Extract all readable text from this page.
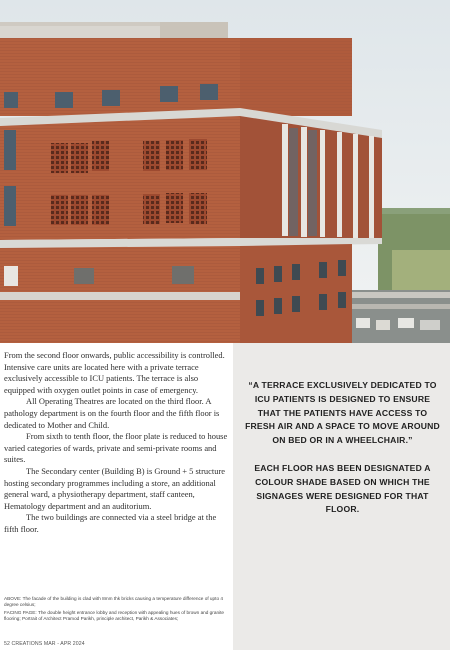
From the second floor onwards, public accessibility is controlled. Intensive care units are located here with a private terrace exclusively accessible to ICU patients. The terrace is also equipped with oxygen outlet points in case of emergency.

All Operating Theatres are located on the third floor. A pathology department is on the fourth floor and the fifth floor is dedicated to Mother and Child.

From sixth to tenth floor, the floor plate is reduced to house varied categories of wards, private and semi-private rooms and suites.

The Secondary center (Building B) is Ground + 5 structure hosting secondary programmes including a store, an additional general ward, a physiotherapy department, staff canteen, Hematology department and an auditorium.

The two buildings are connected via a steel bridge at the fifth floor.

ABOVE: The facade of the building is clad with 8mm thk bricks causing a temperature difference of upto 4 degree celsius;

FACING PAGE: The double height entrance lobby and reception with appealing hues of brown and granite flooring; Portrait of Architect Pramod Parikh, principle architect, Parikh & Associates;

52 CREATIONS MAR - APR 2024

“A TERRACE EXCLUSIVELY DEDICATED TO ICU PATIENTS IS DESIGNED TO ENSURE THAT THE PATIENTS HAVE ACCESS TO FRESH AIR AND A SPACE TO MOVE AROUND ON BED OR IN A WHEELCHAIR.”

EACH FLOOR HAS BEEN DESIGNATED A COLOUR SHADE BASED ON WHICH THE SIGNAGES WERE DESIGNED FOR THAT FLOOR.
